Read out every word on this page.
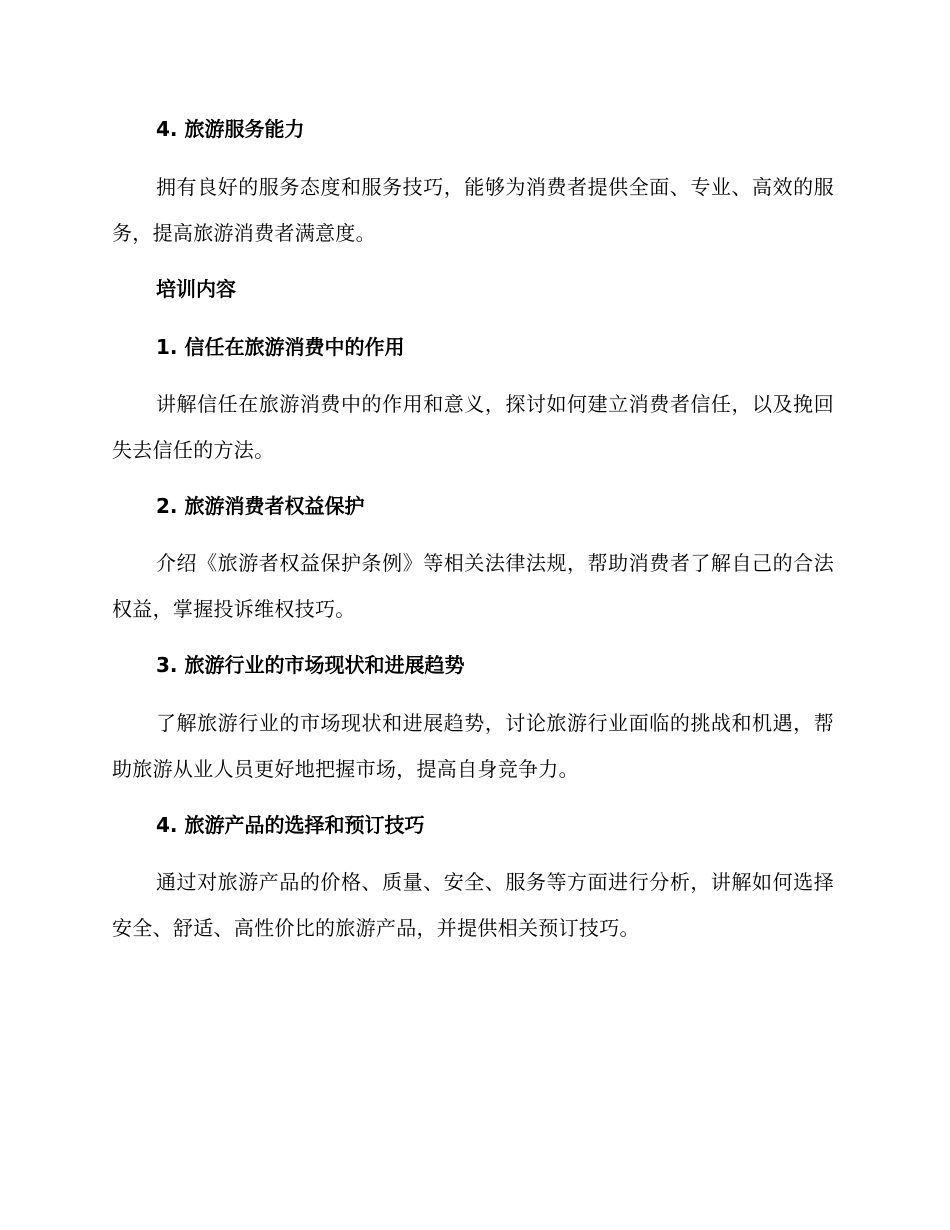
4. 旅游服务能力
拥有良好的服务态度和服务技巧，能够为消费者提供全面、专业、高效的服务，提高旅游消费者满意度。
培训内容
1. 信任在旅游消费中的作用
讲解信任在旅游消费中的作用和意义，探讨如何建立消费者信任，以及挽回失去信任的方法。
2. 旅游消费者权益保护
介绍《旅游者权益保护条例》等相关法律法规，帮助消费者了解自己的合法权益，掌握投诉维权技巧。
3. 旅游行业的市场现状和进展趋势
了解旅游行业的市场现状和进展趋势，讨论旅游行业面临的挑战和机遇，帮助旅游从业人员更好地把握市场，提高自身竞争力。
4. 旅游产品的选择和预订技巧
通过对旅游产品的价格、质量、安全、服务等方面进行分析，讲解如何选择安全、舒适、高性价比的旅游产品，并提供相关预订技巧。
